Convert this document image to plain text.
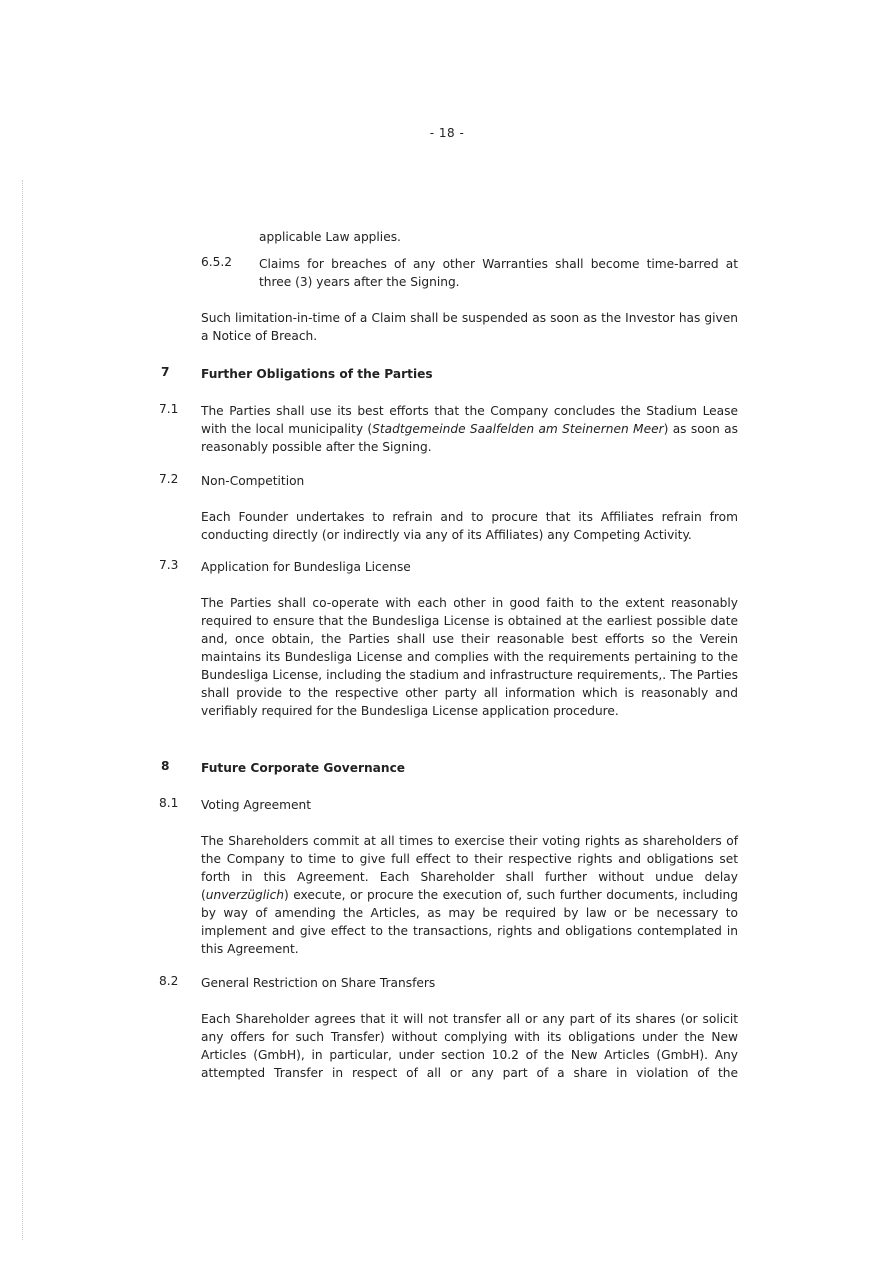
- 18 -
applicable Law applies.
6.5.2 Claims for breaches of any other Warranties shall become time-barred at three (3) years after the Signing.
Such limitation-in-time of a Claim shall be suspended as soon as the Investor has given a Notice of Breach.
7	Further Obligations of the Parties
7.1 The Parties shall use its best efforts that the Company concludes the Stadium Lease with the local municipality (Stadtgemeinde Saalfelden am Steinernen Meer) as soon as reasonably possible after the Signing.
7.2 Non-Competition
Each Founder undertakes to refrain and to procure that its Affiliates refrain from conducting directly (or indirectly via any of its Affiliates) any Competing Activity.
7.3 Application for Bundesliga License
The Parties shall co-operate with each other in good faith to the extent reasonably required to ensure that the Bundesliga License is obtained at the earliest possible date and, once obtain, the Parties shall use their reasonable best efforts so the Verein maintains its Bundesliga License and complies with the requirements pertaining to the Bundesliga License, including the stadium and infrastructure requirements,. The Parties shall provide to the respective other party all information which is reasonably and verifiably required for the Bundesliga License application procedure.
8	Future Corporate Governance
8.1 Voting Agreement
The Shareholders commit at all times to exercise their voting rights as shareholders of the Company to time to give full effect to their respective rights and obligations set forth in this Agreement. Each Shareholder shall further without undue delay (unverzüglich) execute, or procure the execution of, such further documents, including by way of amending the Articles, as may be required by law or be necessary to implement and give effect to the transactions, rights and obligations contemplated in this Agreement.
8.2 General Restriction on Share Transfers
Each Shareholder agrees that it will not transfer all or any part of its shares (or solicit any offers for such Transfer) without complying with its obligations under the New Articles (GmbH), in particular, under section 10.2 of the New Articles (GmbH). Any attempted Transfer in respect of all or any part of a share in violation of the
